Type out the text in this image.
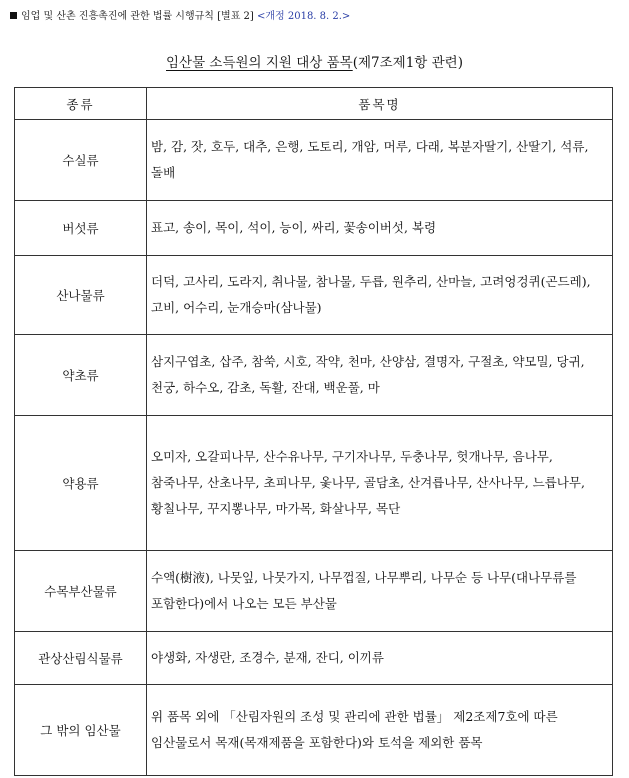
임업 및 산촌 진흥촉진에 관한 법률 시행규칙 [별표 2] <개정 2018. 8. 2.>
임산물 소득원의 지원 대상 품목(제7조제1항 관련)
종류	품목명
수실류	밤, 감, 잣, 호두, 대추, 은행, 도토리, 개암, 머루, 다래, 복분자딸기, 산딸기, 석류, 돌배
버섯류	표고, 송이, 목이, 석이, 능이, 싸리, 꽃송이버섯, 복령
산나물류	더덕, 고사리, 도라지, 취나물, 참나물, 두릅, 원추리, 산마늘, 고려엉겅퀴(곤드레), 고비, 어수리, 눈개승마(삼나물)
약초류	삼지구엽초, 삽주, 참쑥, 시호, 작약, 천마, 산양삼, 결명자, 구절초, 약모밀, 당귀, 천궁, 하수오, 감초, 독활, 잔대, 백운풀, 마
약용류	오미자, 오갈피나무, 산수유나무, 구기자나무, 두충나무, 헛개나무, 음나무, 참죽나무, 산초나무, 초피나무, 옻나무, 골담초, 산겨릅나무, 산사나무, 느릅나무, 황칠나무, 꾸지뽕나무, 마가목, 화살나무, 목단
수목부산물류	수액(樹液), 나뭇잎, 나뭇가지, 나무껍질, 나무뿌리, 나무순 등 나무(대나무류를 포함한다)에서 나오는 모든 부산물
관상산림식물류	야생화, 자생란, 조경수, 분재, 잔디, 이끼류
그 밖의 임산물	위 품목 외에 「산림자원의 조성 및 관리에 관한 법률」 제2조제7호에 따른 임산물로서 목재(목재제품을 포함한다)와 토석을 제외한 품목
